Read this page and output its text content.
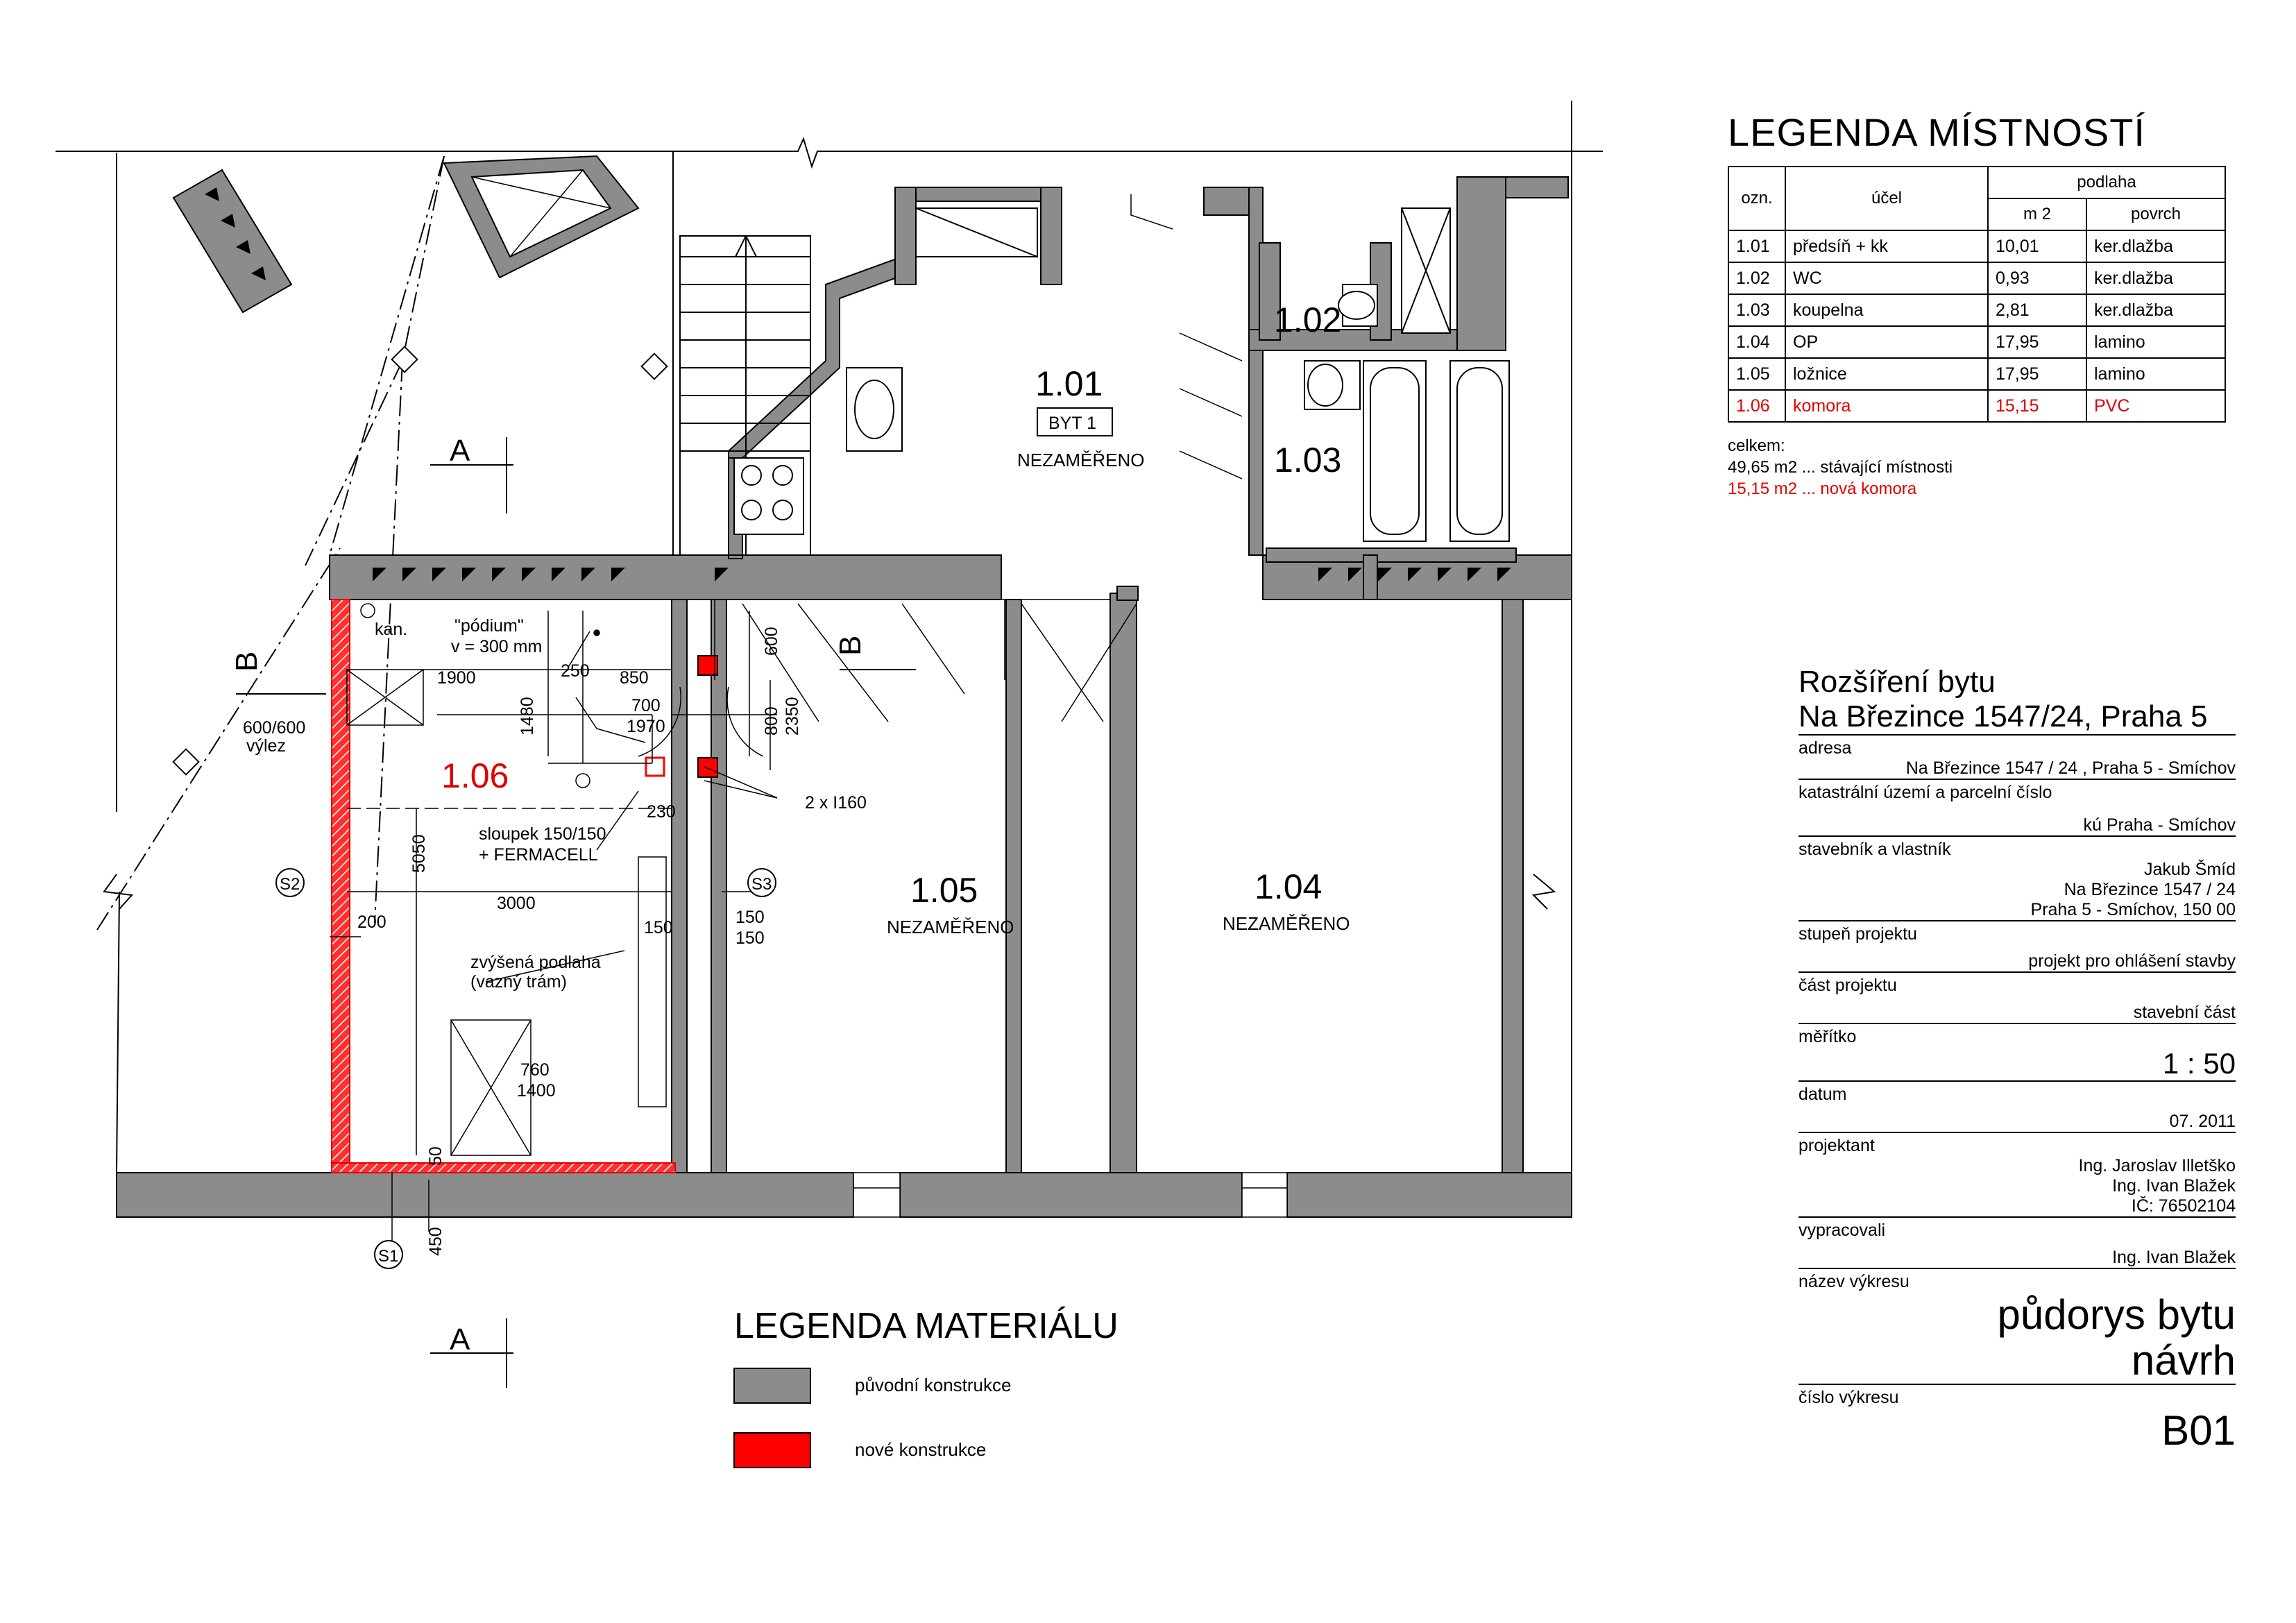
1.01
BYT 1
NEZAMĚŘENO
1.02
1.03
1.05
NEZAMĚŘENO
1.04
NEZAMĚŘENO
1.06
A
A
B
B
S1
S2	S3
kan.	"pódium"
v = 300 mm
600/600
výlez
sloupek 150/150
+ FERMACELL
zvýšená podlaha
(vazný trám)
2 x I160
1900	250 850
1480	700
1970
600
800 2350
230
5050
3000
200	150
150
150
760
1400
50
450
LEGENDA MATERIÁLU
původní konstrukce
nové konstrukce
LEGENDA MÍSTNOSTÍ
ozn.	účel	podlaha	
		m 2	povrch
1.01	předsíň + kk	10,01	ker.dlažba
1.02	WC	0,93	ker.dlažba
1.03	koupelna	2,81	ker.dlažba
1.04	OP	17,95	lamino
1.05	ložnice	17,95	lamino
1.06	komora	15,15	PVC
celkem:
49,65 m2 ... stávající místnosti
15,15 m2 ... nová komora
Rozšíření bytu
Na Březince 1547/24, Praha 5
adresa
Na Březince 1547 / 24 , Praha 5 - Smíchov
katastrální území a parcelní číslo
kú Praha - Smíchov
stavebník a vlastník
Jakub Šmíd
Na Březince 1547 / 24
Praha 5 - Smíchov, 150 00
stupeň projektu
projekt pro ohlášení stavby
část projektu
stavební část
měřítko
1 : 50
datum
07. 2011
projektant
Ing. Jaroslav Illetško
Ing. Ivan Blažek
IČ: 76502104
vypracovali
Ing. Ivan Blažek
název výkresu
půdorys bytu
návrh
číslo výkresu
B01
